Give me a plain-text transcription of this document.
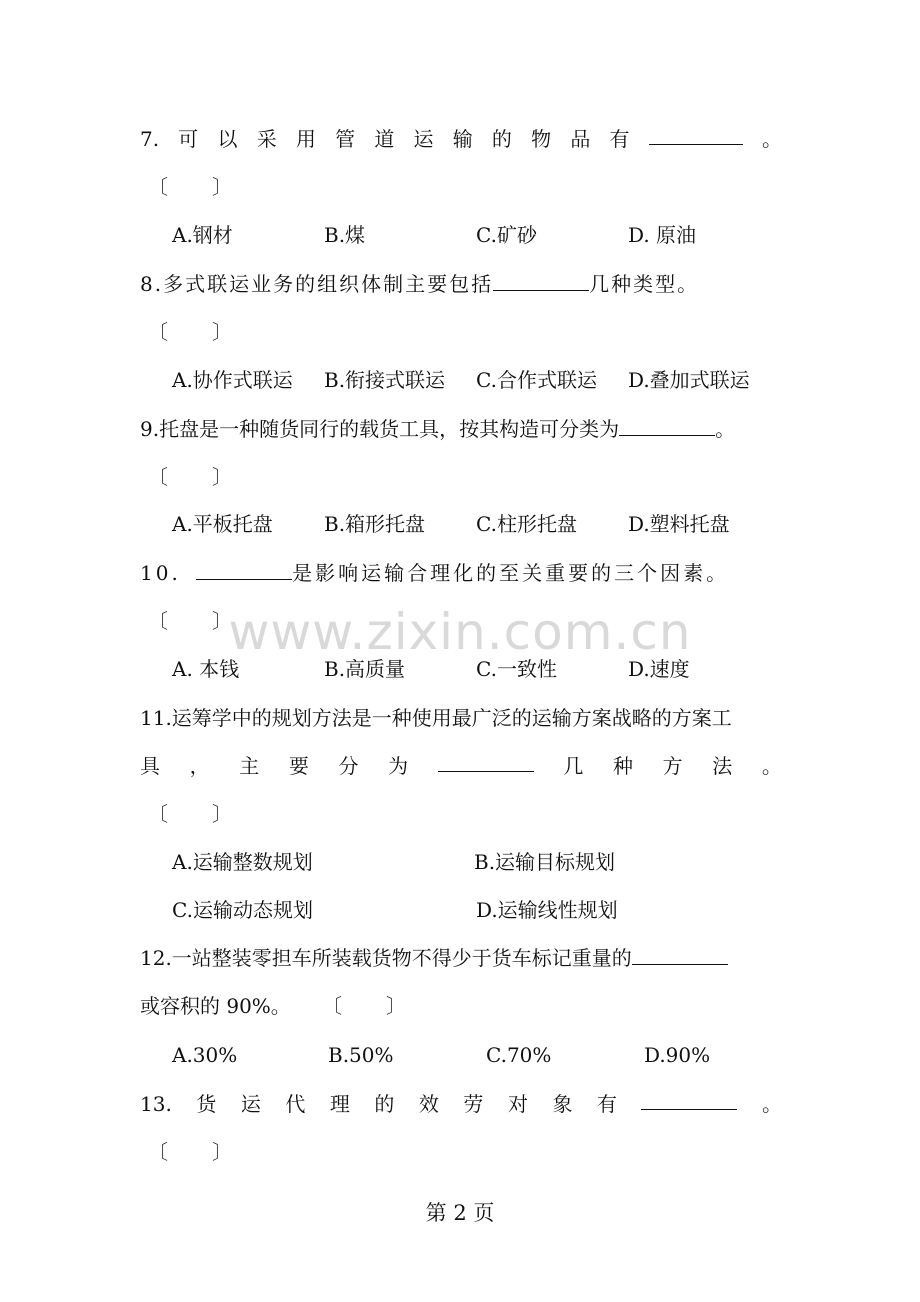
7. 可 以 采 用 管 道 运 输 的 物 品 有	。
〔 〕
A.钢材	B.煤	C.矿砂	D. 原油
8.多式联运业务的组织体制主要包括	几种类型。
〔 〕
A.协作式联运 B.衔接式联运 C.合作式联运 D.叠加式联运
9.托盘是一种随货同行的载货工具，按其构造可分类为	。
〔 〕
A.平板托盘	B.箱形托盘	C.柱形托盘	D.塑料托盘
10.	是影响运输合理化的至关重要的三个因素。
〔 〕
A. 本钱	B.高质量	C.一致性	D.速度
11.运筹学中的规划方法是一种使用最广泛的运输方案战略的方案工
具 ， 主 要 分 为	几 种 方 法 。
〔 〕
A.运输整数规划	B.运输目标规划
C.运输动态规划	D.运输线性规划
12.一站整装零担车所装载货物不得少于货车标记重量的
或容积的 90%。 〔 〕
A.30%	B.50%	C.70%	D.90%
13. 货 运 代 理 的 效 劳 对 象 有	。
〔 〕
www.zixin.com.cn
第 2 页
